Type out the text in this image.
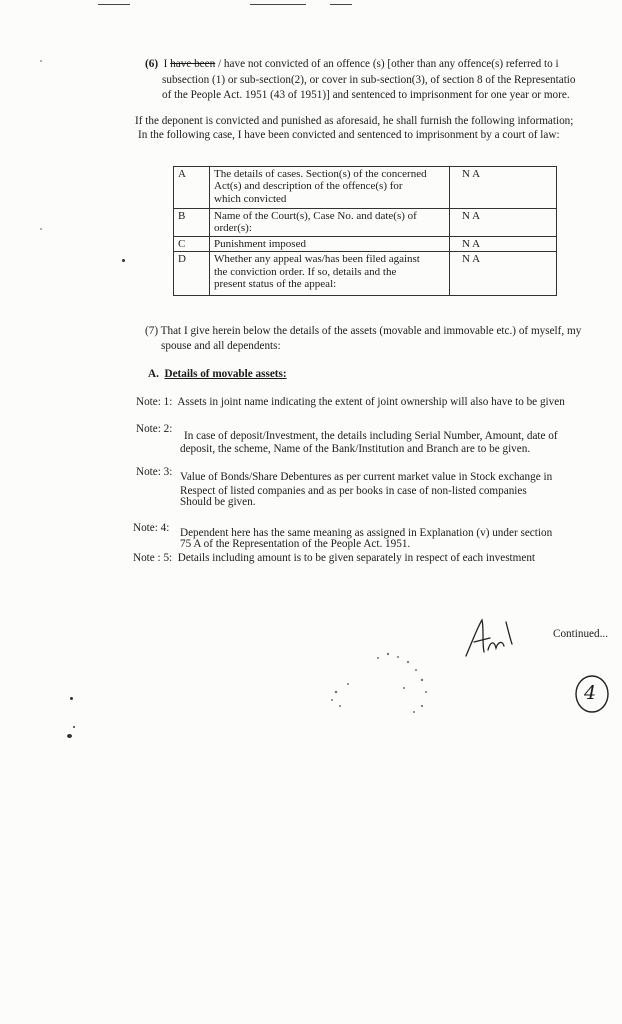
(6) I have been / have not convicted of an offence (s) [other than any offence(s) referred to i
subsection (1) or sub-section(2), or cover in sub-section(3), of section 8 of the Representatio
of the People Act. 1951 (43 of 1951)] and sentenced to imprisonment for one year or more.
If the deponent is convicted and punished as aforesaid, he shall furnish the following information;
In the following case, I have been convicted and sentenced to imprisonment by a court of law:
A	The details of cases. Section(s) of the concerned
Act(s) and description of the offence(s) for
which convicted	N A
B	Name of the Court(s), Case No. and date(s) of
order(s):	N A
C	Punishment imposed	N A
D	Whether any appeal was/has been filed against
the conviction order. If so, details and the
present status of the appeal:	N A
(7) That I give herein below the details of the assets (movable and immovable etc.) of myself, my
spouse and all dependents:
A. Details of movable assets:
Note: 1: Assets in joint name indicating the extent of joint ownership will also have to be given
Note: 2:
In case of deposit/Investment, the details including Serial Number, Amount, date of
deposit, the scheme, Name of the Bank/Institution and Branch are to be given.
Note: 3: Value of Bonds/Share Debentures as per current market value in Stock exchange in
Respect of listed companies and as per books in case of non-listed companies
Should be given.
Note: 4: Dependent here has the same meaning as assigned in Explanation (v) under section
75 A of the Representation of the People Act. 1951.
Note : 5: Details including amount is to be given separately in respect of each investment
Continued...
4
